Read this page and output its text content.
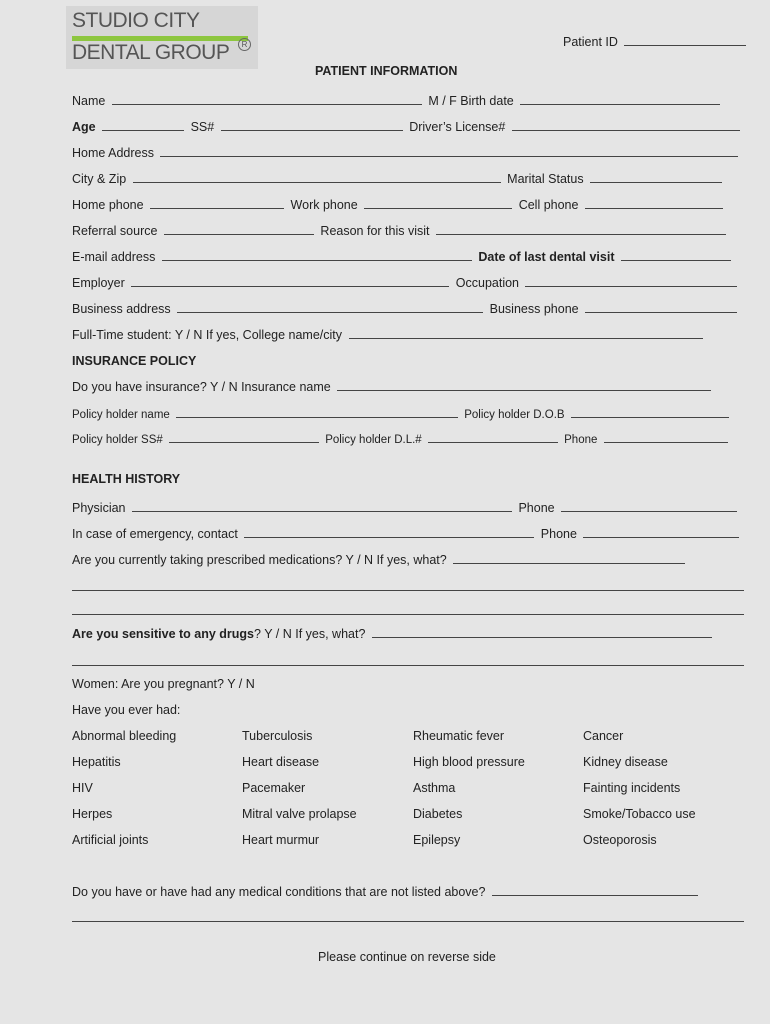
STUDIO CITY
DENTAL GROUP	R	Patient ID
PATIENT INFORMATION
Name	M / F Birth date
Age	SS#	Driver’s License#
Home Address
City & Zip	Marital Status
Home phone	Work phone	Cell phone
Referral source	Reason for this visit
E-mail address	Date of last dental visit
Employer	Occupation
Business address	Business phone
Full-Time student: Y / N If yes, College name/city
INSURANCE POLICY
Do you have insurance? Y / N Insurance name
Policy holder name	Policy holder D.O.B
Policy holder SS#	Policy holder D.L.#	Phone
HEALTH HISTORY
Physician	Phone
In case of emergency, contact	Phone
Are you currently taking prescribed medications? Y / N If yes, what?
Are you sensitive to any drugs? Y / N If yes, what?
Women: Are you pregnant? Y / N
Have you ever had:
Abnormal bleeding	Tuberculosis	Rheumatic fever	Cancer
Hepatitis	Heart disease	High blood pressure	Kidney disease
HIV	Pacemaker	Asthma	Fainting incidents
Herpes	Mitral valve prolapse	Diabetes	Smoke/Tobacco use
Artificial joints	Heart murmur	Epilepsy	Osteoporosis
Do you have or have had any medical conditions that are not listed above?
Please continue on reverse side
